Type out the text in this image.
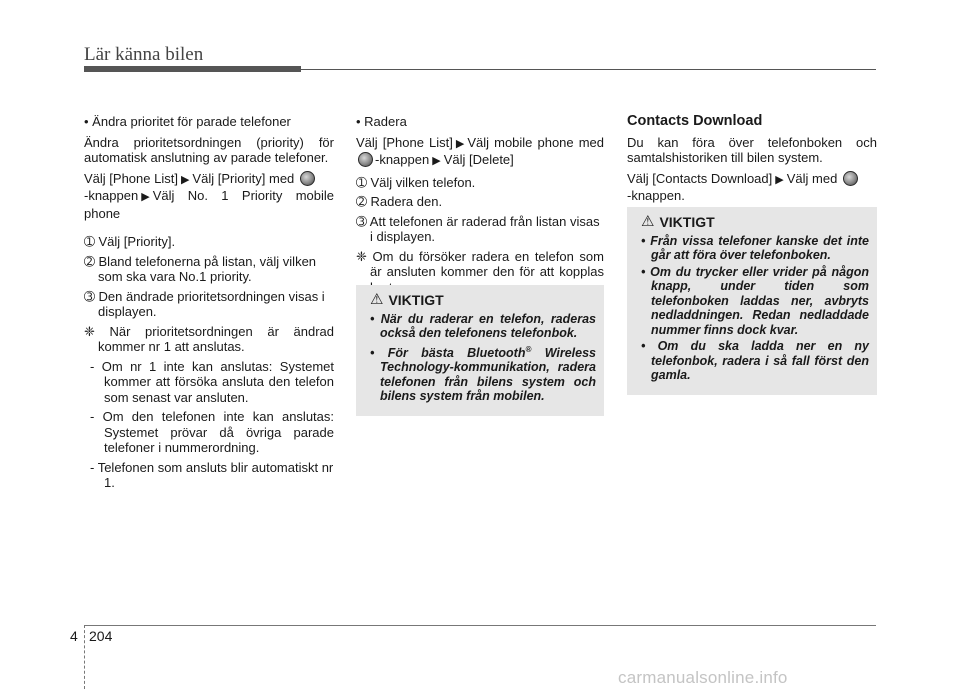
Lär känna bilen

• Ändra prioritet för parade telefoner

Ändra prioritetsordningen (priority) för automatisk anslutning av parade telefoner.

Välj [Phone List] ▶ Välj [Priority] med
-knappen ▶ Välj No. 1 Priority mobile phone

➀ Välj [Priority].

➁ Bland telefonerna på listan, välj vilken som ska vara No.1 priority.

➂ Den ändrade prioritetsordningen visas i displayen.

❈ När prioritetsordningen är ändrad kommer nr 1 att anslutas.

- Om nr 1 inte kan anslutas: Systemet kommer att försöka ansluta den telefon som senast var ansluten.

- Om den telefonen inte kan anslutas: Systemet prövar då övriga parade telefoner i nummerordning.

- Telefonen som ansluts blir automatiskt nr 1.

• Radera

Välj [Phone List] ▶ Välj mobile phone med -knappen ▶ Välj [Delete]

➀ Välj vilken telefon.

➁ Radera den.

➂ Att telefonen är raderad från listan visas i displayen.

❈ Om du försöker radera en telefon som är ansluten kommer den för att kopplas

⚠ VIKTIGT
• När du raderar en telefon, raderas också den telefonens telefonbok.
• För bästa Bluetooth® Wireless Technology-kommunikation, radera telefonen från bilens system och bilens system från mobilen.

Contacts Download

Du kan föra över telefonboken och samtalshistoriken till bilen system.

Välj [Contacts Download] ▶ Välj med
-knappen.

⚠ VIKTIGT
• Från vissa telefoner kanske det inte går att föra över telefonboken.
• Om du trycker eller vrider på någon knapp, under tiden som telefonboken laddas ner, avbryts nedladdningen. Redan nedladdade nummer finns dock kvar.
• Om du ska ladda ner en ny telefonbok, radera i så fall först den gamla.
4 204
carmanualsonline.info
